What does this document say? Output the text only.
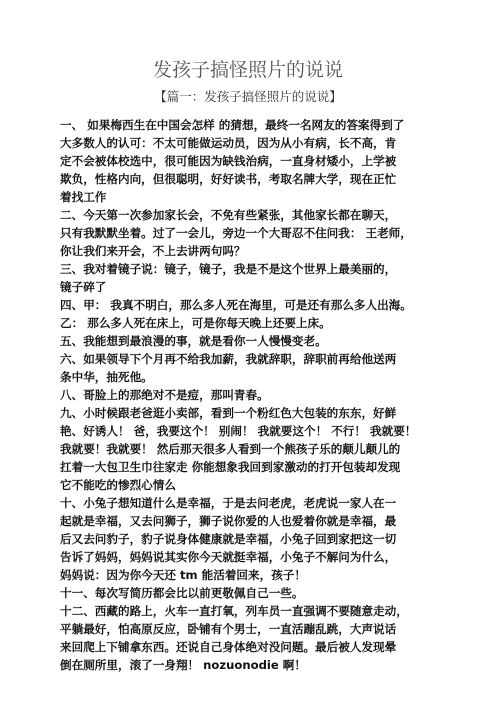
发孩子搞怪照片的说说
【篇一：发孩子搞怪照片的说说】
一、 如果梅西生在中国会怎样 的猜想，最终一名网友的答案得到了
大多数人的认可：不太可能做运动员，因为从小有病，长不高，肯
定不会被体校选中，很可能因为缺钱治病，一直身材矮小，上学被
欺负，性格内向，但很聪明，好好读书，考取名牌大学，现在正忙
着找工作
二、今天第一次参加家长会，不免有些紧张，其他家长都在聊天，
只有我默默坐着。过了一会儿，旁边一个大哥忍不住问我： 王老师，
你让我们来开会，不上去讲两句吗？
三、我对着镜子说：镜子，镜子，我是不是这个世界上最美丽的，
镜子碎了
四、甲： 我真不明白，那么多人死在海里，可是还有那么多人出海。
乙： 那么多人死在床上，可是你每天晚上还要上床。
五、我能想到最浪漫的事，就是看你一人慢慢变老。
六、如果领导下个月再不给我加薪，我就辞职，辞职前再给他送两
条中华，抽死他。
八、哥脸上的那绝对不是痘，那叫青春。
九、小时候跟老爸逛小卖部，看到一个粉红色大包装的东东，好鲜
艳、好诱人！ 爸，我要这个！ 别闹！ 我就要这个！ 不行！ 我就要！
我就要！我就要！ 然后那天很多人看到一个熊孩子乐的颠儿颠儿的
扛着一大包卫生巾往家走 你能想象我回到家激动的打开包装却发现
它不能吃的惨烈心情么
十、小兔子想知道什么是幸福，于是去问老虎，老虎说一家人在一
起就是幸福，又去问狮子，狮子说你爱的人也爱着你就是幸福，最
后又去问豹子，豹子说身体健康就是幸福，小兔子回到家把这一切
告诉了妈妈，妈妈说其实你今天就挺幸福，小兔子不解问为什么，
妈妈说：因为你今天还 tm 能活着回来，孩子！
十一、每次写简历都会比以前更敬佩自己一些。
十二、西藏的路上，火车一直打氧，列车员一直强调不要随意走动，
平躺最好，怕高原反应，卧铺有个男士，一直活蹦乱跳，大声说话
来回爬上下铺拿东西。还说自己身体绝对没问题。最后被人发现晕
倒在厕所里，滚了一身翔！ nozuonodie 啊！
